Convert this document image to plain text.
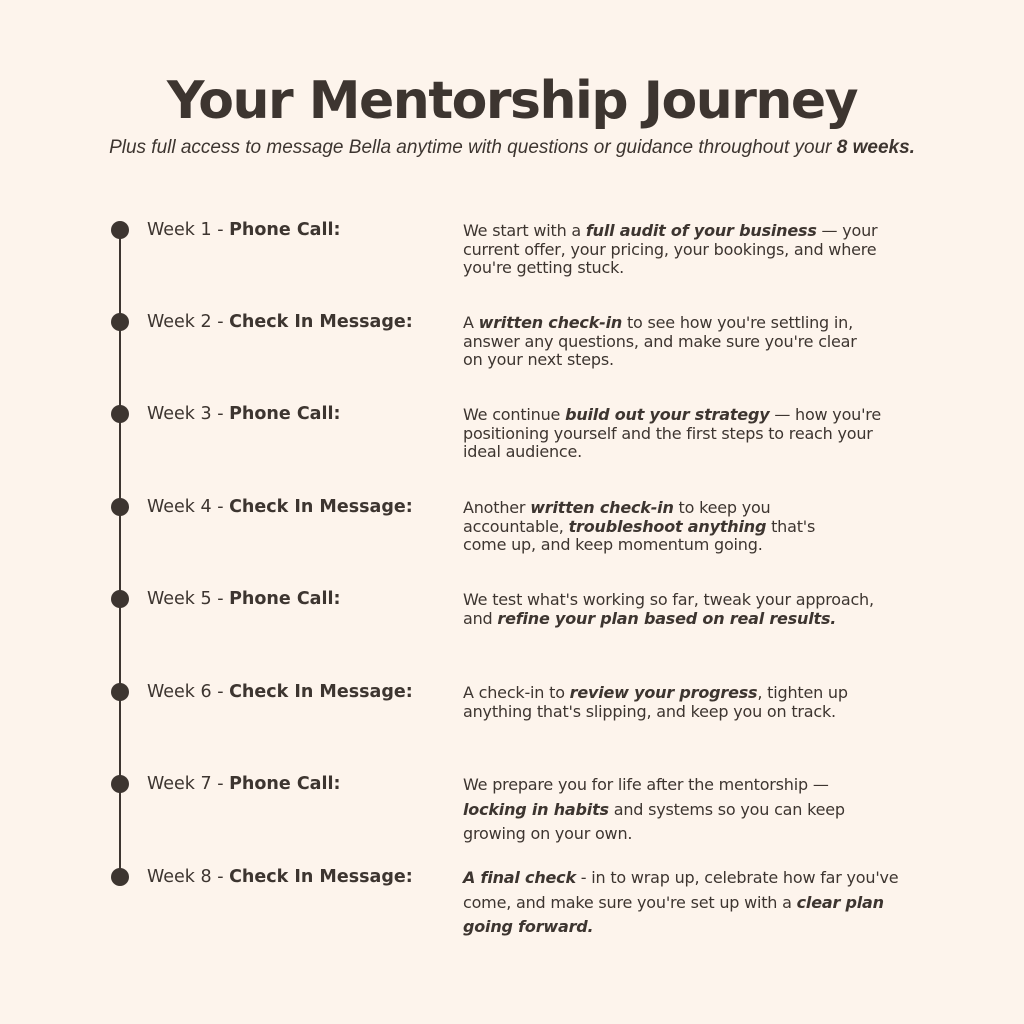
Your Mentorship Journey
Plus full access to message Bella anytime with questions or guidance throughout your 8 weeks.
Week 1 - Phone Call:	We start with a full audit of your business — your current offer, your pricing, your bookings, and where you're getting stuck.
Week 2 - Check In Message:	A written check-in to see how you're settling in, answer any questions, and make sure you're clear on your next steps.
Week 3 - Phone Call:	We continue build out your strategy — how you're positioning yourself and the first steps to reach your ideal audience.
Week 4 - Check In Message:	Another written check-in to keep you accountable, troubleshoot anything that's come up, and keep momentum going.
Week 5 - Phone Call:	We test what's working so far, tweak your approach, and refine your plan based on real results.
Week 6 - Check In Message:	A check-in to review your progress, tighten up anything that's slipping, and keep you on track.
Week 7 - Phone Call:	We prepare you for life after the mentorship — locking in habits and systems so you can keep growing on your own.
Week 8 - Check In Message:	A final check - in to wrap up, celebrate how far you've come, and make sure you're set up with a clear plan going forward.
